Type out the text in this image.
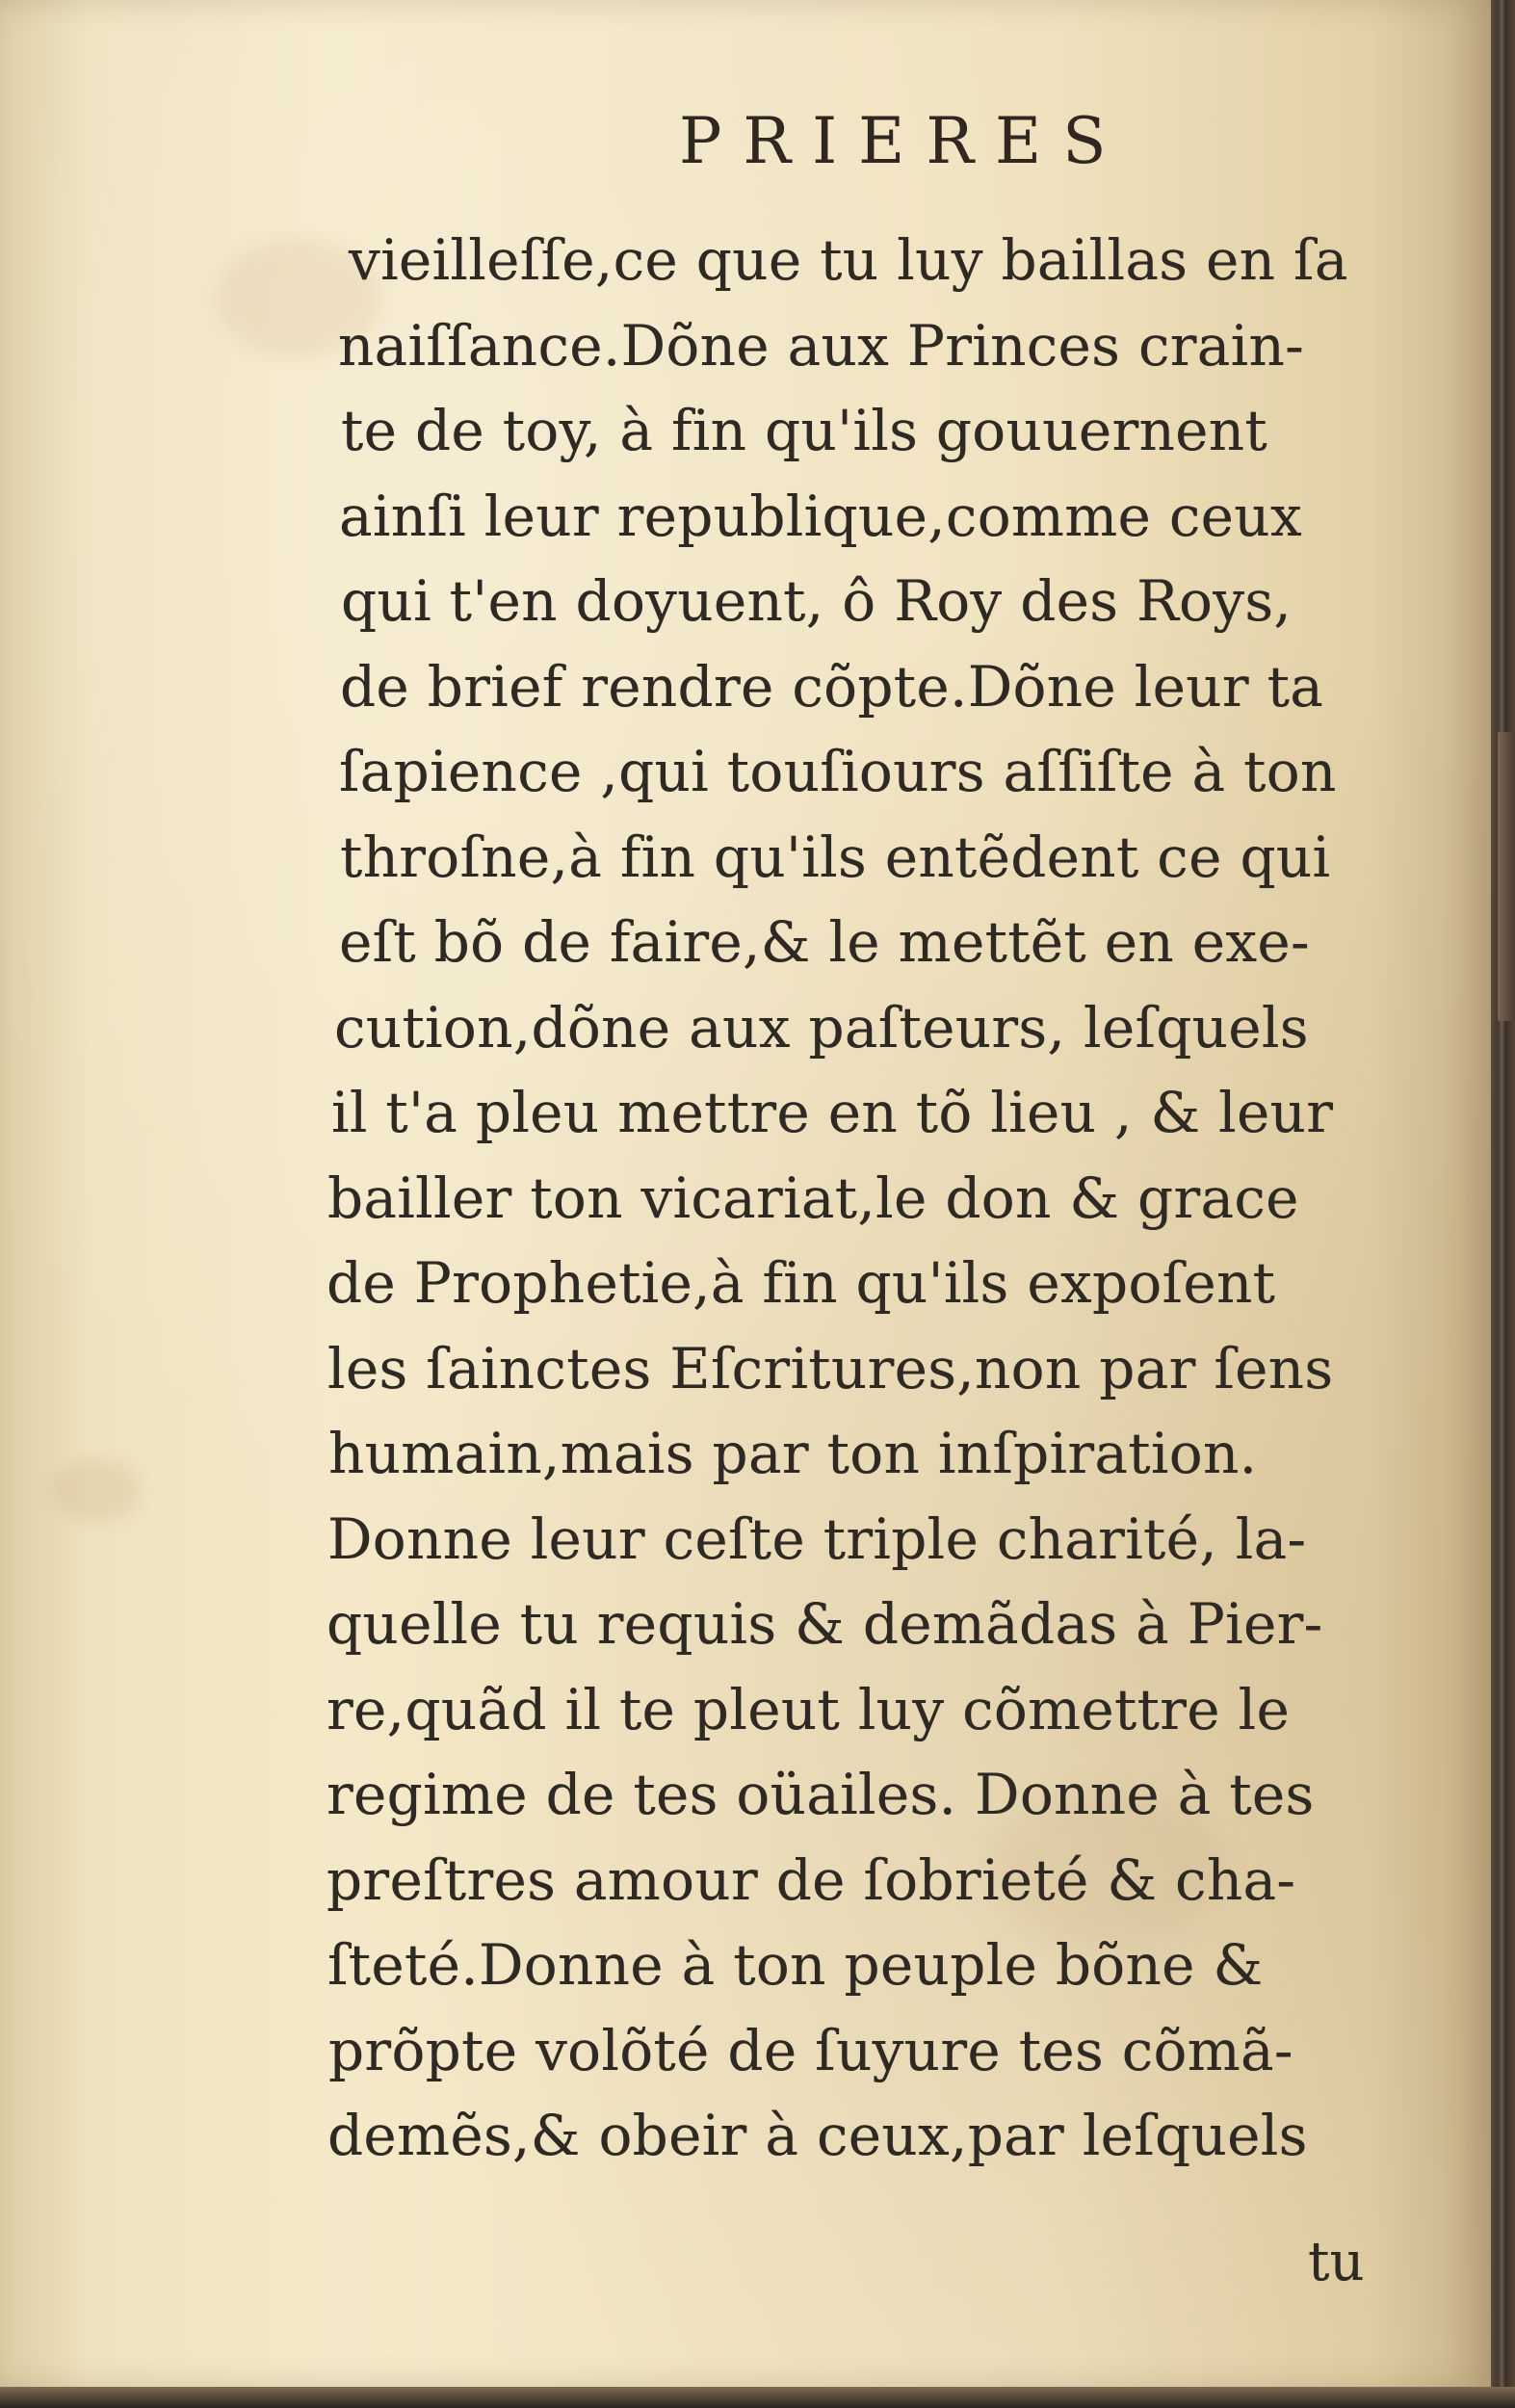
PRIERES
vieilleſſe,ce que tu luy baillas en ſa
naiſſance.Dõne aux Princes crain-
te de toy, à fin qu'ils gouuernent
ainſi leur republique,comme ceux
qui t'en doyuent, ô Roy des Roys,
de brief rendre cõpte.Dõne leur ta
ſapience ,qui touſiours aſſiſte à ton
throſne,à fin qu'ils entẽdent ce qui
eſt bõ de faire,& le mettẽt en exe-
cution,dõne aux paſteurs, leſquels
il t'a pleu mettre en tõ lieu , & leur
bailler ton vicariat,le don & grace
de Prophetie,à fin qu'ils expoſent
les ſainctes Eſcritures,non par ſens
humain,mais par ton inſpiration.
Donne leur ceſte triple charité, la-
quelle tu requis & demãdas à Pier-
re,quãd il te pleut luy cõmettre le
regime de tes oüailes. Donne à tes
preſtres amour de ſobrieté & cha-
ſteté.Donne à ton peuple bõne &
prõpte volõté de ſuyure tes cõmã-
demẽs,& obeir à ceux,par leſquels
tu
